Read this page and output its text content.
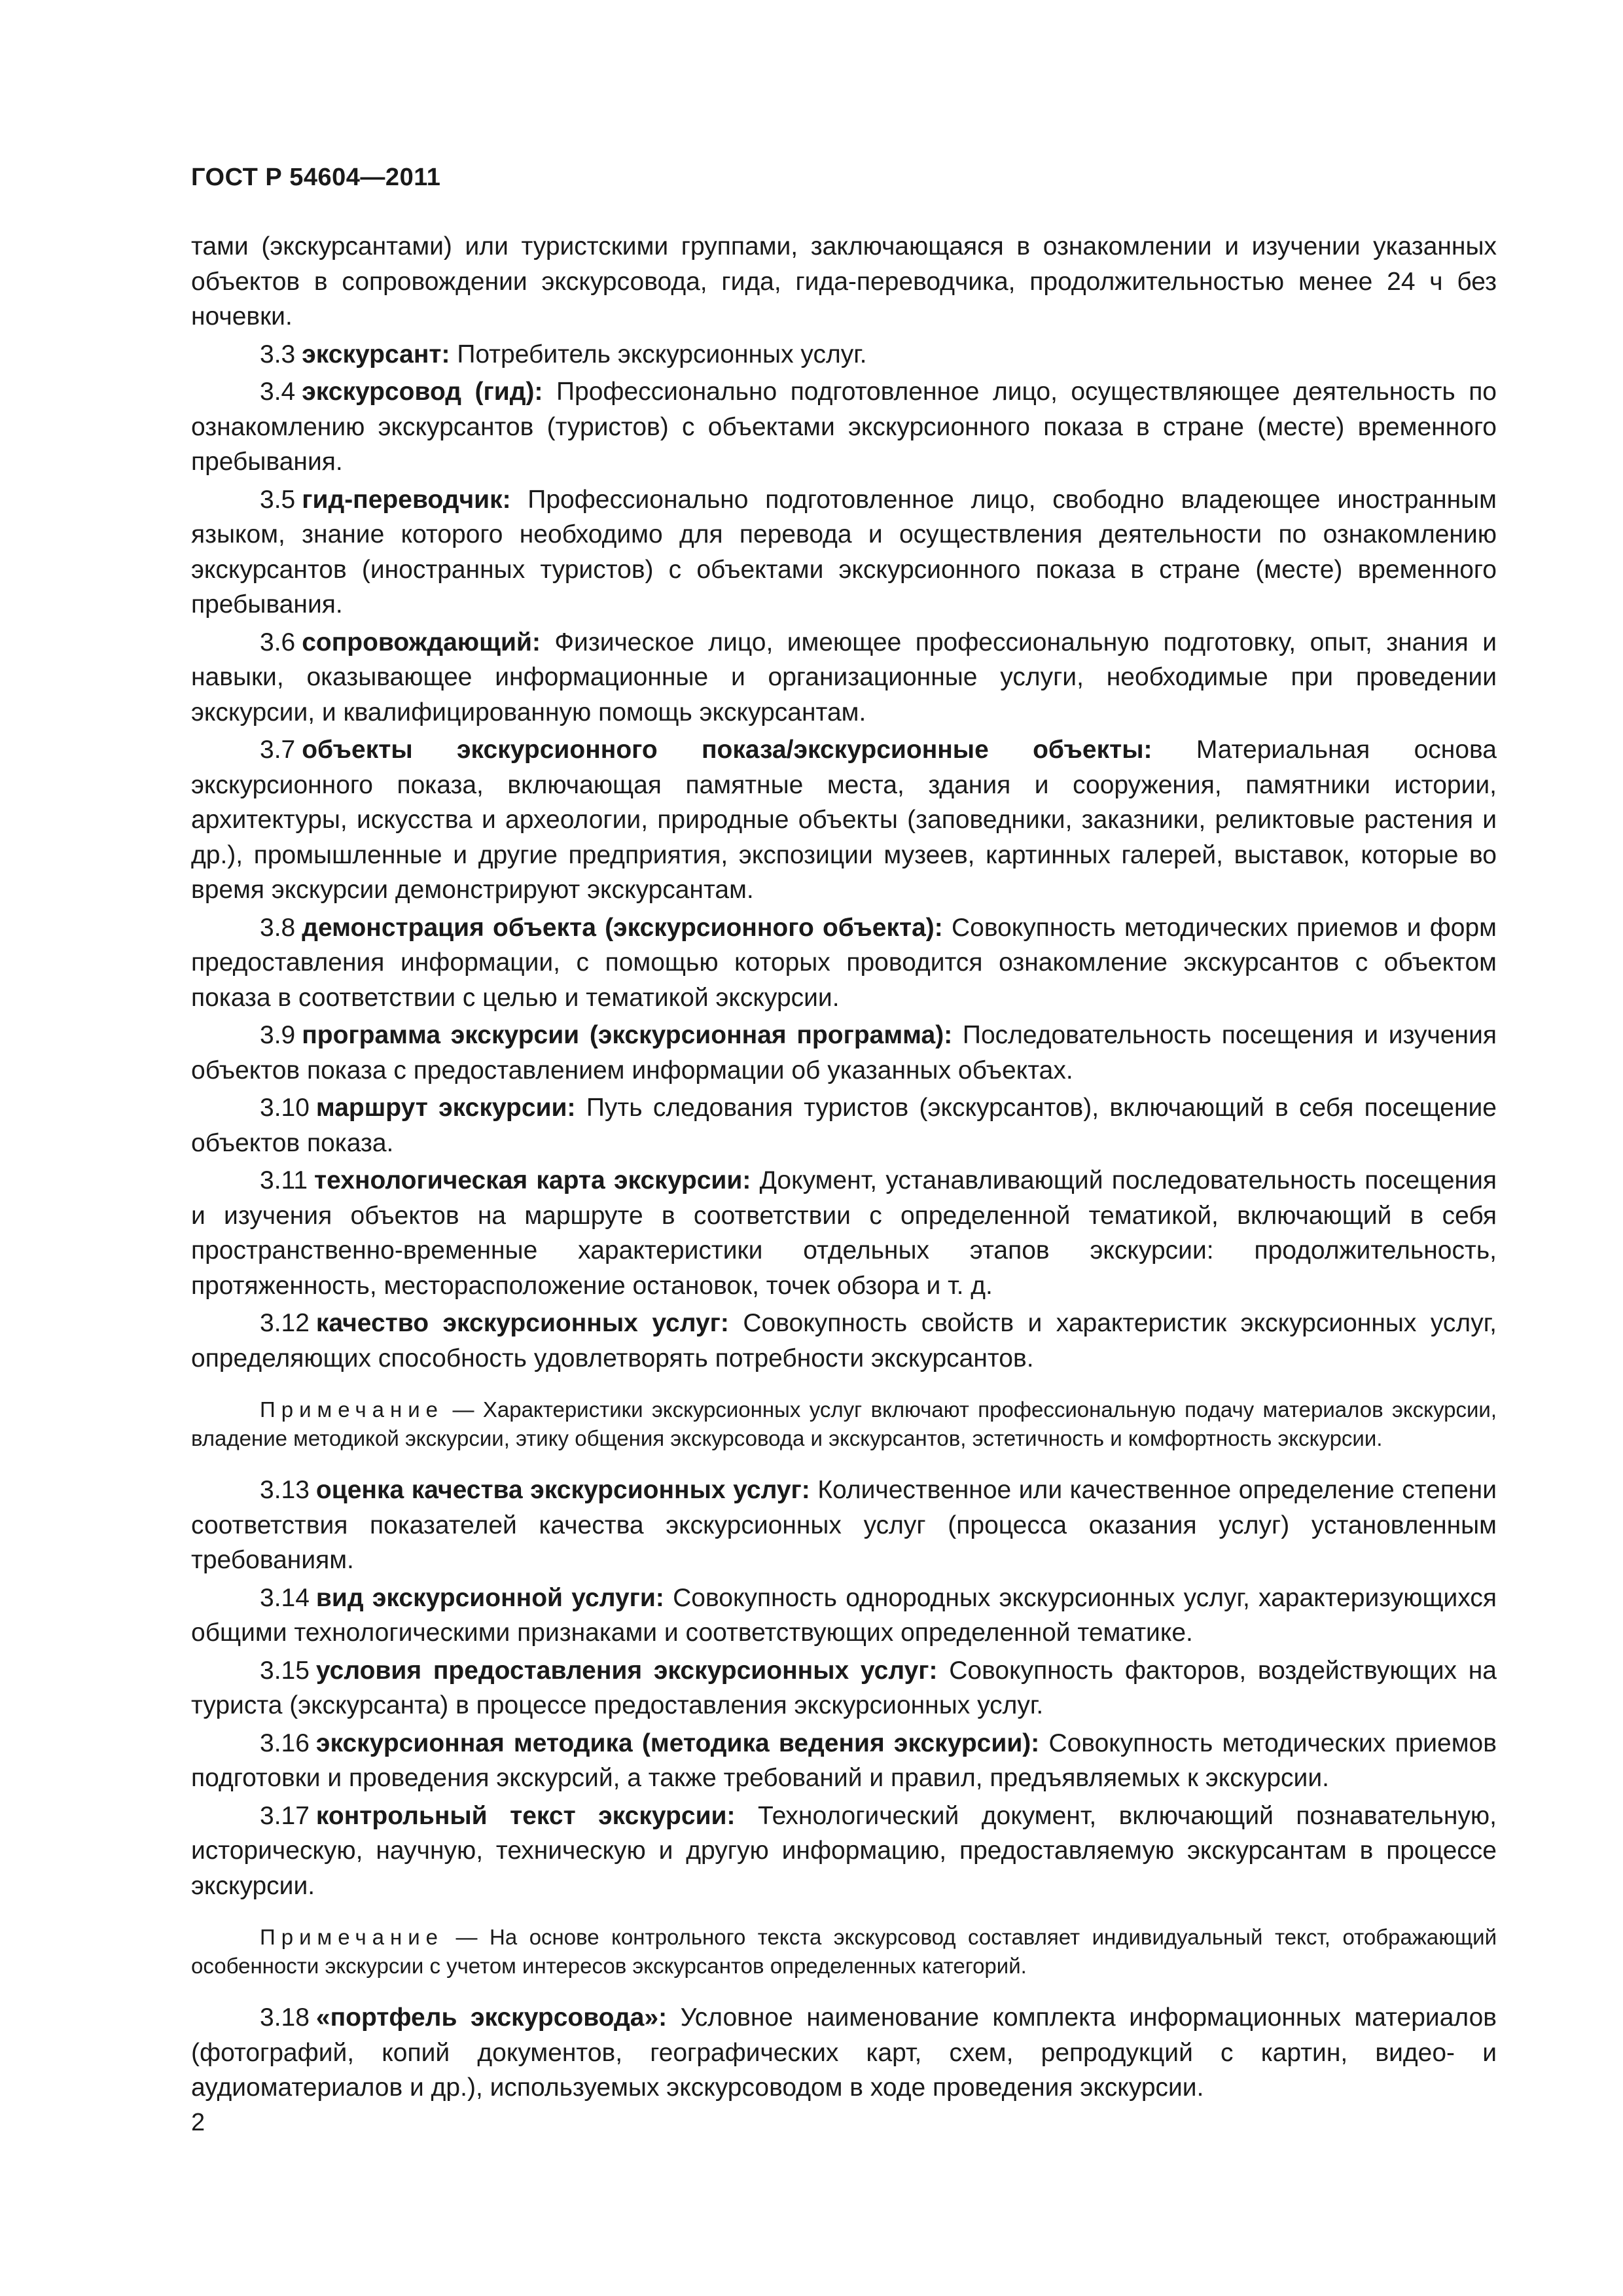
ГОСТ Р 54604—2011

тами (экскурсантами) или туристскими группами, заключающаяся в ознакомлении и изучении указанных объектов в сопровождении экскурсовода, гида, гида-переводчика, продолжительностью менее 24 ч без ночевки.

3.3 экскурсант: Потребитель экскурсионных услуг.

3.4 экскурсовод (гид): Профессионально подготовленное лицо, осуществляющее деятельность по ознакомлению экскурсантов (туристов) с объектами экскурсионного показа в стране (месте) временного пребывания.

3.5 гид-переводчик: Профессионально подготовленное лицо, свободно владеющее иностранным языком, знание которого необходимо для перевода и осуществления деятельности по ознакомлению экскурсантов (иностранных туристов) с объектами экскурсионного показа в стране (месте) временного пребывания.

3.6 сопровождающий: Физическое лицо, имеющее профессиональную подготовку, опыт, знания и навыки, оказывающее информационные и организационные услуги, необходимые при проведении экскурсии, и квалифицированную помощь экскурсантам.

3.7 объекты экскурсионного показа/экскурсионные объекты: Материальная основа экскурсионного показа, включающая памятные места, здания и сооружения, памятники истории, архитектуры, искусства и археологии, природные объекты (заповедники, заказники, реликтовые растения и др.), промышленные и другие предприятия, экспозиции музеев, картинных галерей, выставок, которые во время экскурсии демонстрируют экскурсантам.

3.8 демонстрация объекта (экскурсионного объекта): Совокупность методических приемов и форм предоставления информации, с помощью которых проводится ознакомление экскурсантов с объектом показа в соответствии с целью и тематикой экскурсии.

3.9 программа экскурсии (экскурсионная программа): Последовательность посещения и изучения объектов показа с предоставлением информации об указанных объектах.

3.10 маршрут экскурсии: Путь следования туристов (экскурсантов), включающий в себя посещение объектов показа.

3.11 технологическая карта экскурсии: Документ, устанавливающий последовательность посещения и изучения объектов на маршруте в соответствии с определенной тематикой, включающий в себя пространственно-временные характеристики отдельных этапов экскурсии: продолжительность, протяженность, месторасположение остановок, точек обзора и т. д.

3.12 качество экскурсионных услуг: Совокупность свойств и характеристик экскурсионных услуг, определяющих способность удовлетворять потребности экскурсантов.

Примечание — Характеристики экскурсионных услуг включают профессиональную подачу материалов экскурсии, владение методикой экскурсии, этику общения экскурсовода и экскурсантов, эстетичность и комфортность экскурсии.

3.13 оценка качества экскурсионных услуг: Количественное или качественное определение степени соответствия показателей качества экскурсионных услуг (процесса оказания услуг) установленным требованиям.

3.14 вид экскурсионной услуги: Совокупность однородных экскурсионных услуг, характеризующихся общими технологическими признаками и соответствующих определенной тематике.

3.15 условия предоставления экскурсионных услуг: Совокупность факторов, воздействующих на туриста (экскурсанта) в процессе предоставления экскурсионных услуг.

3.16 экскурсионная методика (методика ведения экскурсии): Совокупность методических приемов подготовки и проведения экскурсий, а также требований и правил, предъявляемых к экскурсии.

3.17 контрольный текст экскурсии: Технологический документ, включающий познавательную, историческую, научную, техническую и другую информацию, предоставляемую экскурсантам в процессе экскурсии.

Примечание — На основе контрольного текста экскурсовод составляет индивидуальный текст, отображающий особенности экскурсии с учетом интересов экскурсантов определенных категорий.

3.18 «портфель экскурсовода»: Условное наименование комплекта информационных материалов (фотографий, копий документов, географических карт, схем, репродукций с картин, видео- и аудиоматериалов и др.), используемых экскурсоводом в ходе проведения экскурсии.

2
